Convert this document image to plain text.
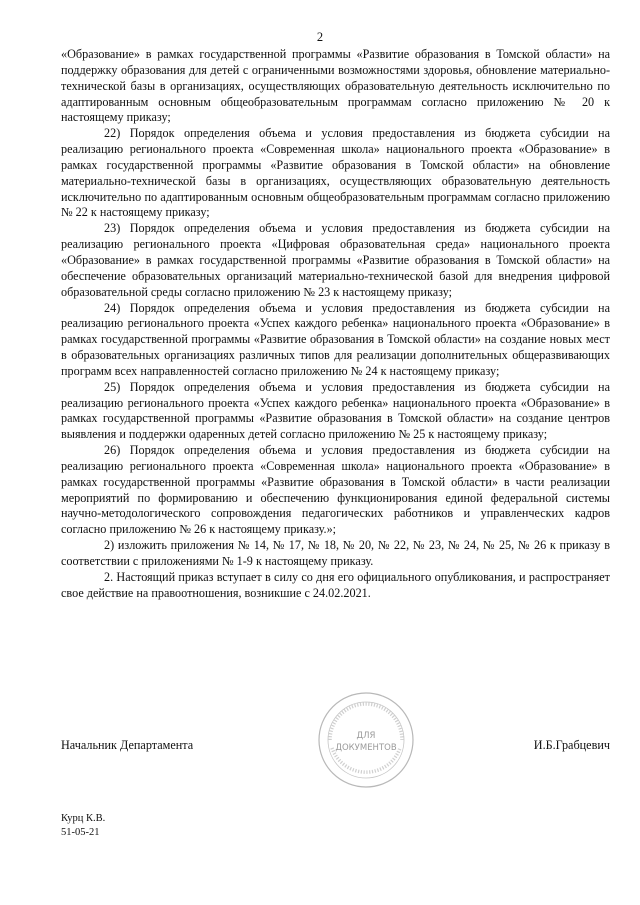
2

«Образование» в рамках государственной программы «Развитие образования в Томской области» на поддержку образования для детей с ограниченными возможностями здоровья, обновление материально-технической базы в организациях, осуществляющих образовательную деятельность исключительно по адаптированным основным общеобразовательным программам согласно приложению № 20 к настоящему приказу;

22) Порядок определения объема и условия предоставления из бюджета субсидии на реализацию регионального проекта «Современная школа» национального проекта «Образование» в рамках государственной программы «Развитие образования в Томской области» на обновление материально-технической базы в организациях, осуществляющих образовательную деятельность исключительно по адаптированным основным общеобразовательным программам согласно приложению № 22 к настоящему приказу;

23) Порядок определения объема и условия предоставления из бюджета субсидии на реализацию регионального проекта «Цифровая образовательная среда» национального проекта «Образование» в рамках государственной программы «Развитие образования в Томской области» на обеспечение образовательных организаций материально-технической базой для внедрения цифровой образовательной среды согласно приложению № 23 к настоящему приказу;

24) Порядок определения объема и условия предоставления из бюджета субсидии на реализацию регионального проекта «Успех каждого ребенка» национального проекта «Образование» в рамках государственной программы «Развитие образования в Томской области» на создание новых мест в образовательных организациях различных типов для реализации дополнительных общеразвивающих программ всех направленностей согласно приложению № 24 к настоящему приказу;

25) Порядок определения объема и условия предоставления из бюджета субсидии на реализацию регионального проекта «Успех каждого ребенка» национального проекта «Образование» в рамках государственной программы «Развитие образования в Томской области» на создание центров выявления и поддержки одаренных детей согласно приложению № 25 к настоящему приказу;

26) Порядок определения объема и условия предоставления из бюджета субсидии на реализацию регионального проекта «Современная школа» национального проекта «Образование» в рамках государственной программы «Развитие образования в Томской области» в части реализации мероприятий по формированию и обеспечению функционирования единой федеральной системы научно-методологического сопровождения педагогических работников и управленческих кадров согласно приложению № 26 к настоящему приказу.»;

2) изложить приложения № 14, № 17, № 18, № 20, № 22, № 23, № 24, № 25, № 26 к приказу в соответствии с приложениями № 1-9 к настоящему приказу.

2. Настоящий приказ вступает в силу со дня его официального опубликования, и распространяет свое действие на правоотношения, возникшие с 24.02.2021.

ДЛЯ
ДОКУМЕНТОВ
Начальник Департамента	И.Б.Грабцевич
Курц К.В.
51-05-21
